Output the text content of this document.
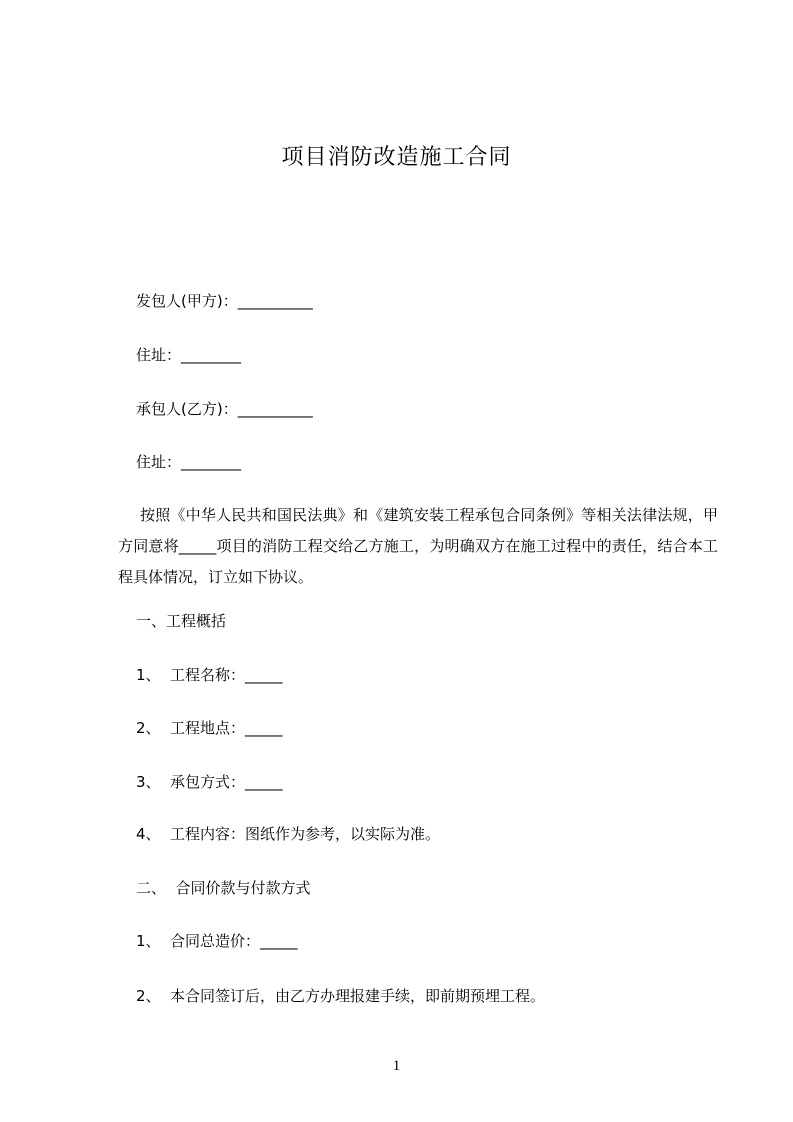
项目消防改造施工合同
发包人(甲方)：__________
住址：________
承包人(乙方)：__________
住址：________
按照《中华人民共和国民法典》和《建筑安装工程承包合同条例》等相关法律法规，甲方同意将_____项目的消防工程交给乙方施工，为明确双方在施工过程中的责任，结合本工程具体情况，订立如下协议。
一、工程概括
1、 工程名称：_____
2、 工程地点：_____
3、 承包方式：_____
4、 工程内容：图纸作为参考，以实际为准。
二、  合同价款与付款方式
1、 合同总造价：_____
2、 本合同签订后，由乙方办理报建手续，即前期预埋工程。
1
